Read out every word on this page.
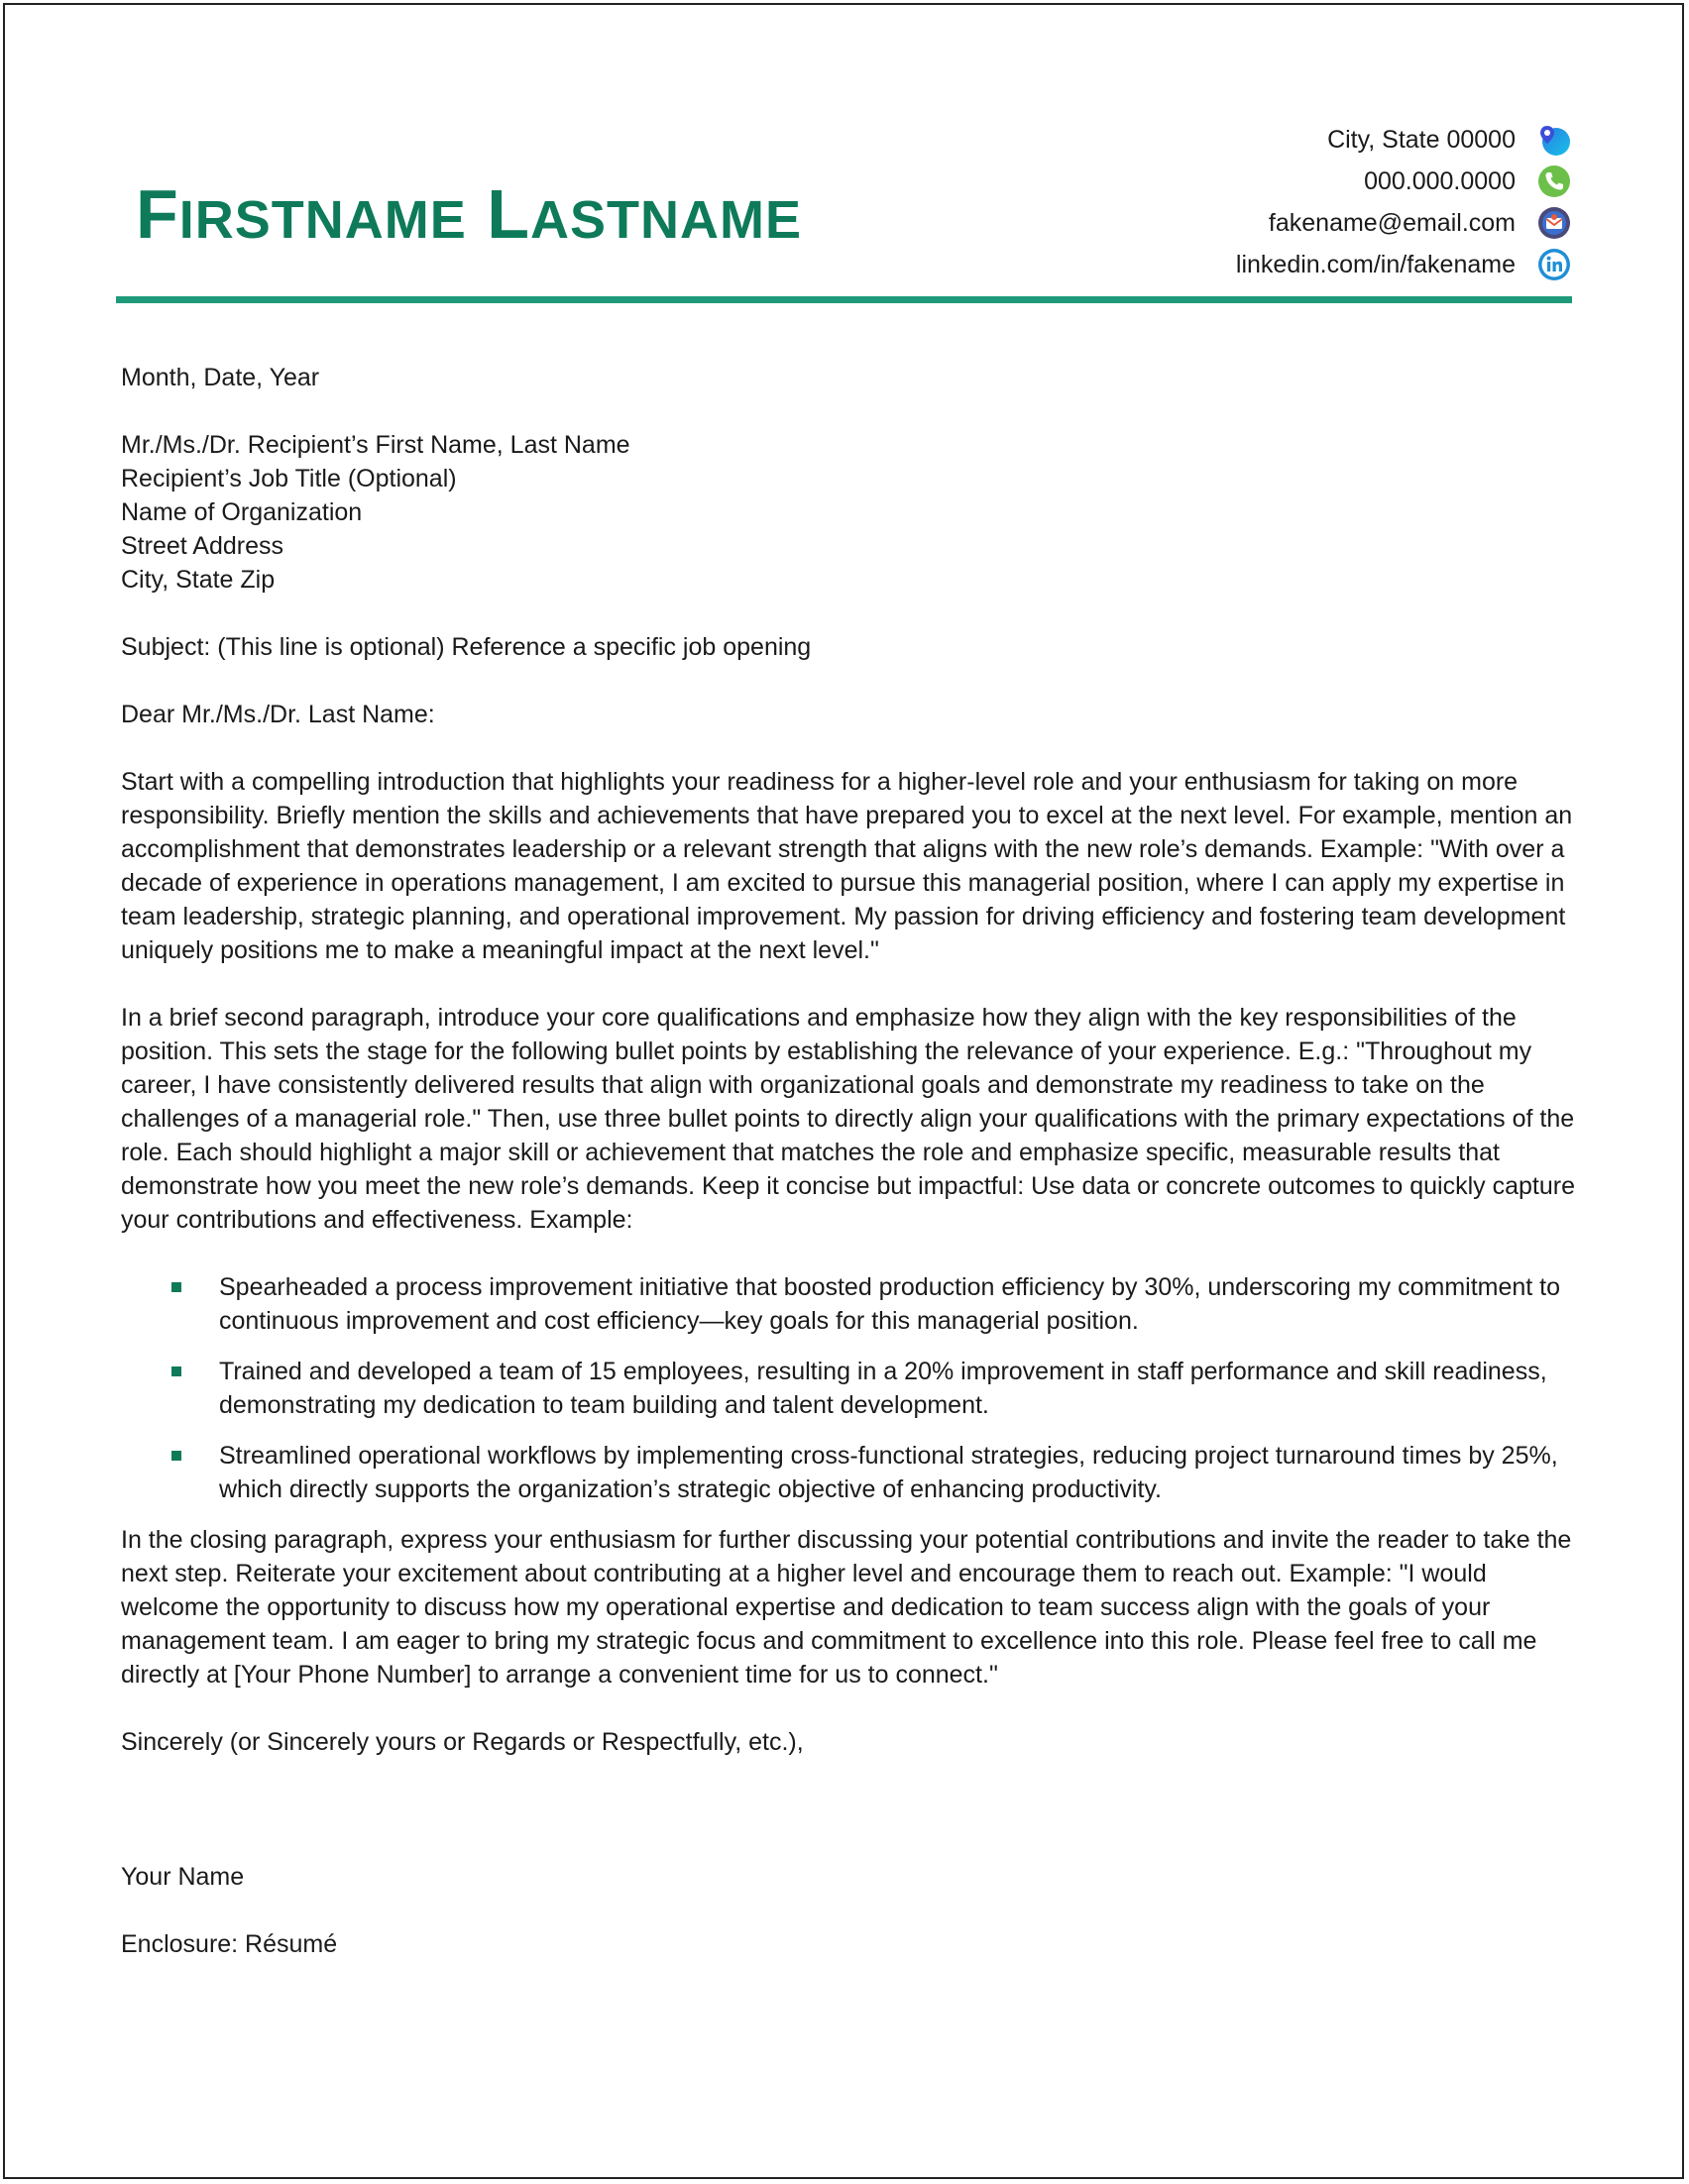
FIRSTNAME LASTNAME
City, State 00000
000.000.0000
fakename@email.com
linkedin.com/in/fakename

Month, Date, Year

Mr./Ms./Dr. Recipient’s First Name, Last Name

Recipient’s Job Title (Optional)

Name of Organization

Street Address

City, State Zip

Subject: (This line is optional) Reference a specific job opening

Dear Mr./Ms./Dr. Last Name:

Start with a compelling introduction that highlights your readiness for a higher-level role and your enthusiasm for taking on more responsibility. Briefly mention the skills and achievements that have prepared you to excel at the next level. For example, mention an accomplishment that demonstrates leadership or a relevant strength that aligns with the new role’s demands. Example: "With over a decade of experience in operations management, I am excited to pursue this managerial position, where I can apply my expertise in team leadership, strategic planning, and operational improvement. My passion for driving efficiency and fostering team development uniquely positions me to make a meaningful impact at the next level."

In a brief second paragraph, introduce your core qualifications and emphasize how they align with the key responsibilities of the position. This sets the stage for the following bullet points by establishing the relevance of your experience. E.g.: "Throughout my career, I have consistently delivered results that align with organizational goals and demonstrate my readiness to take on the challenges of a managerial role." Then, use three bullet points to directly align your qualifications with the primary expectations of the role. Each should highlight a major skill or achievement that matches the role and emphasize specific, measurable results that demonstrate how you meet the new role’s demands. Keep it concise but impactful: Use data or concrete outcomes to quickly capture your contributions and effectiveness. Example:

Spearheaded a process improvement initiative that boosted production efficiency by 30%, underscoring my commitment to continuous improvement and cost efficiency—key goals for this managerial position.
Trained and developed a team of 15 employees, resulting in a 20% improvement in staff performance and skill readiness, demonstrating my dedication to team building and talent development.
Streamlined operational workflows by implementing cross-functional strategies, reducing project turnaround times by 25%, which directly supports the organization’s strategic objective of enhancing productivity.

In the closing paragraph, express your enthusiasm for further discussing your potential contributions and invite the reader to take the next step. Reiterate your excitement about contributing at a higher level and encourage them to reach out. Example: "I would welcome the opportunity to discuss how my operational expertise and dedication to team success align with the goals of your management team. I am eager to bring my strategic focus and commitment to excellence into this role. Please feel free to call me directly at [Your Phone Number] to arrange a convenient time for us to connect."

Sincerely (or Sincerely yours or Regards or Respectfully, etc.),

Your Name

Enclosure: Résumé
